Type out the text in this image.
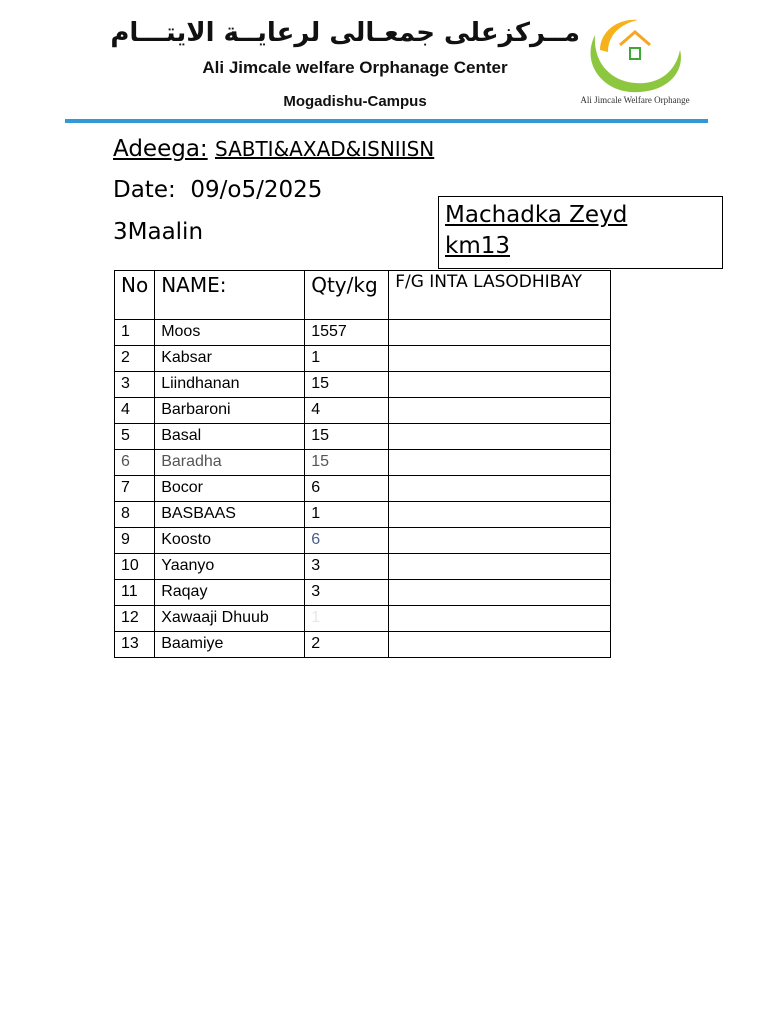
مــركزعلى جمعـالى لرعايــة الايتـــام
Ali Jimcale welfare Orphanage Center
Mogadishu-Campus	Ali Jimcale Welfare Orphange
Adeega: SABTI&AXAD&ISNIISN
Date: 09/o5/2025
3Maalin
Machadka Zeyd
km13
No	NAME:	Qty/kg	F/G INTA LASODHIBAY
1	Moos	1557	
2	Kabsar	1	
3	Liindhanan	15	
4	Barbaroni	4	
5	Basal	15	
6	Baradha	15	
7	Bocor	6	
8	BASBAAS	1	
9	Koosto	6	
10	Yaanyo	3	
11	Raqay	3	
12	Xawaaji Dhuub	1	
13	Baamiye	2	
